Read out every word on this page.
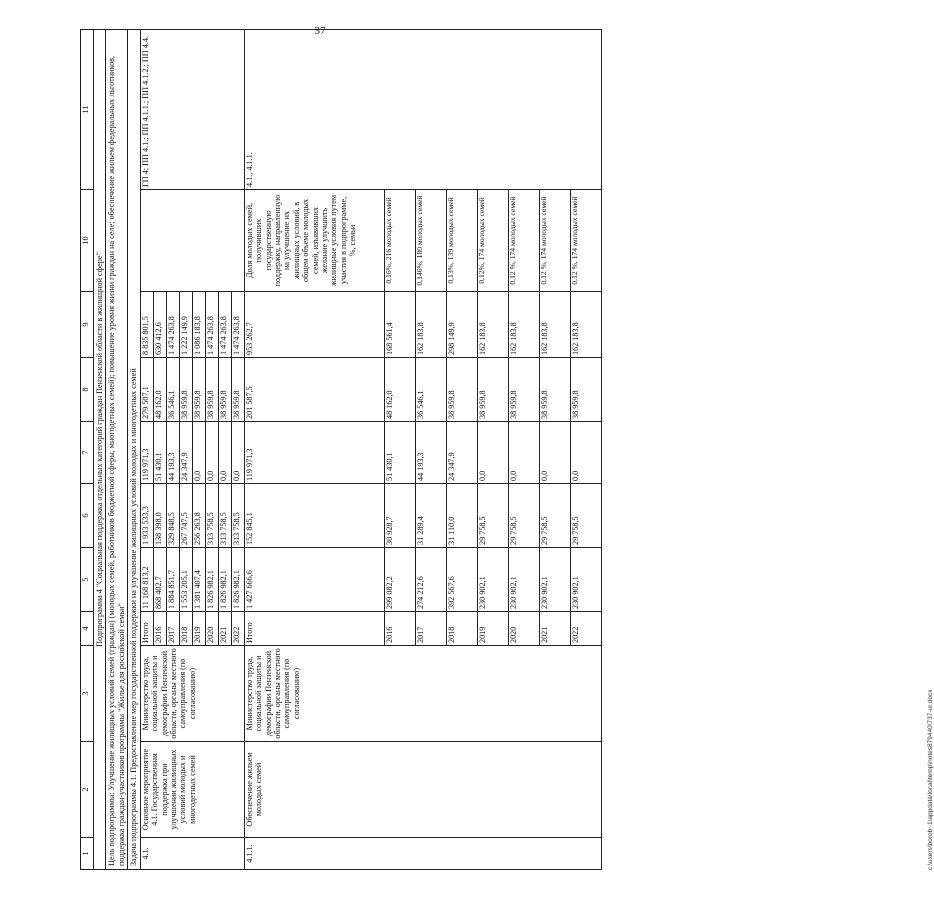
37
1	2	3	4	5	6	7	8	9	10	11
Подпрограмма 4 "Социальная поддержка отдельных категорий граждан Пензенской области в жилищной сфере"										
Цель подпрограммы: Улучшение жилищных условий семей (граждан) (молодых семей, работников бюджетной сферы, многодетных семей); повышение уровня жизни граждан на селе; обеспечение жильем федеральных льготников, поддержка граждан-участников программы "Жилье для российской семьи"										
Задача подпрограммы 4.1. Предоставление мер государственной поддержки на улучшение жилищных условий молодых и многодетных семей										
4.1.	Основное мероприятие 4.1. Государственная поддержка при улучшении жилищных условий молодых и многодетных семей	Министерство труда, социальной защиты и демографии Пензенской области, органы местного самоуправления (по согласованию)	Итого	11 168 813,2	1 933 533,3	119 971,3	279 507,1	8 835 801,5		ГП 4; ПП 4.1.; ПП 4.1.1.; ПП 4.1.2.; ПП 4.4.
			2016	868 402,7	138 398,0	51 430,1	48 162,0	630 412,6		
			2017	1 884 851,7	329 848,5	44 193,3	36 546,1	1 474 263,8		
			2018	1 553 205,1	267 747,5	24 347,9	38 959,8	1 222 149,9		
			2019	1 381 407,4	256 263,8	0,0	38 959,8	1 086 183,8		
			2020	1 826 982,1	313 758,5	0,0	38 959,8	1 474 263,8		
			2021	1 826 982,1	313 758,5	0,0	38 959,8	1 474 263,8		
			2022	1 826 982,1	313 758,5	0,0	38 959,8	1 474 263,8		
4.1.1.	Обеспечение жильем молодых семей	Министерство труда, социальной защиты и демографии Пензенской области, органы местного самоуправления (по согласованию)	Итого	1 427 666,6	152 845,1	119 971,3	201 587,5	953 262,7	Доля молодых семей, получивших государственную поддержку, направленную на улучшение их жилищных условий, в общем объеме молодых семей, изъявивших желание улучшить жилищные условия путем участия в подпрограмме, %, семьи	4.1., 4.1.1.
			2016	299 082,2	30 928,7	51 430,1	48 162,0	168 561,4	0,16%, 216 молодых семей	
			2017	274 212,6	31 289,4	44 193,3	36 546,1	162 183,8	0,146%, 180 молодых семей	
			2018	392 567,6	31 110,0	24 347,9	38 959,8	298 149,9	0,13%, 139 молодых семей	
			2019	230 902,1	29 758,5	0,0	38 959,8	162 183,8	0,12%, 174 молодых семей	
			2020	230 902,1	29 758,5	0,0	38 959,8	162 183,8	0,12 %, 174 молодых семей	
			2021	230 902,1	29 758,5	0,0	38 959,8	162 183,8	0,12 %, 174 молодых семей	
			2022	230 902,1	29 758,5	0,0	38 959,8	162 183,8	0,12 %, 174 молодых семей	
c:\users\borob~1\appdata\local\temp\notes879440\737-ur.docx
